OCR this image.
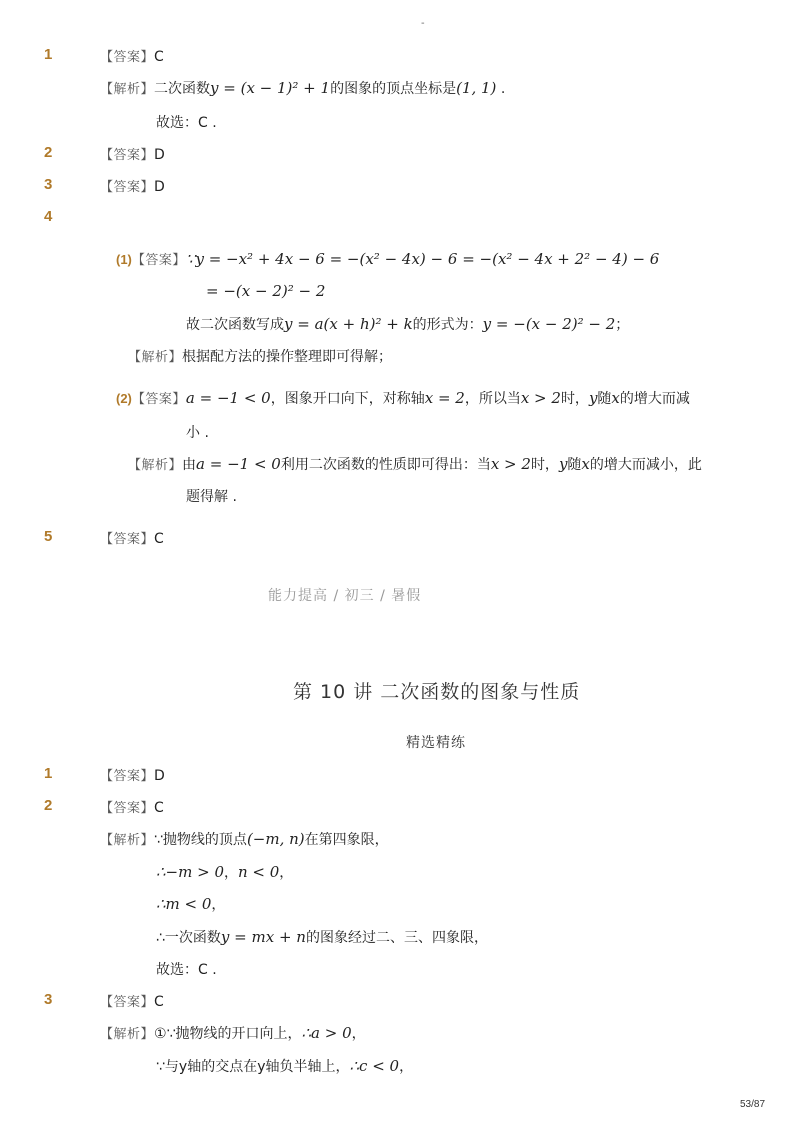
-
1	【答案】C
【解析】二次函数y = (x − 1)² + 1的图象的顶点坐标是(1, 1) .
故选：C .
2	【答案】D
3	【答案】D
4
(1)【答案】∵y = −x² + 4x − 6 = −(x² − 4x) − 6 = −(x² − 4x + 2² − 4) − 6
= −(x − 2)² − 2
故二次函数写成y = a(x + h)² + k的形式为：y = −(x − 2)² − 2；
【解析】根据配方法的操作整理即可得解；
(2)【答案】a = −1 < 0，图象开口向下，对称轴x = 2，所以当x > 2时，y随x的增大而减
小 .
【解析】由a = −1 < 0利用二次函数的性质即可得出：当x > 2时，y随x的增大而减小，此
题得解 .
5	【答案】C
能力提高 / 初三 / 暑假
第 10 讲 二次函数的图象与性质
精选精练
1	【答案】D
2	【答案】C
【解析】∵抛物线的顶点(−m, n)在第四象限，
∴−m > 0，n < 0，
∴m < 0，
∴一次函数y = mx + n的图象经过二、三、四象限，
故选：C .
3	【答案】C
【解析】①∵抛物线的开口向上，∴a > 0，
∵与y轴的交点在y轴负半轴上，∴c < 0，
53/87
